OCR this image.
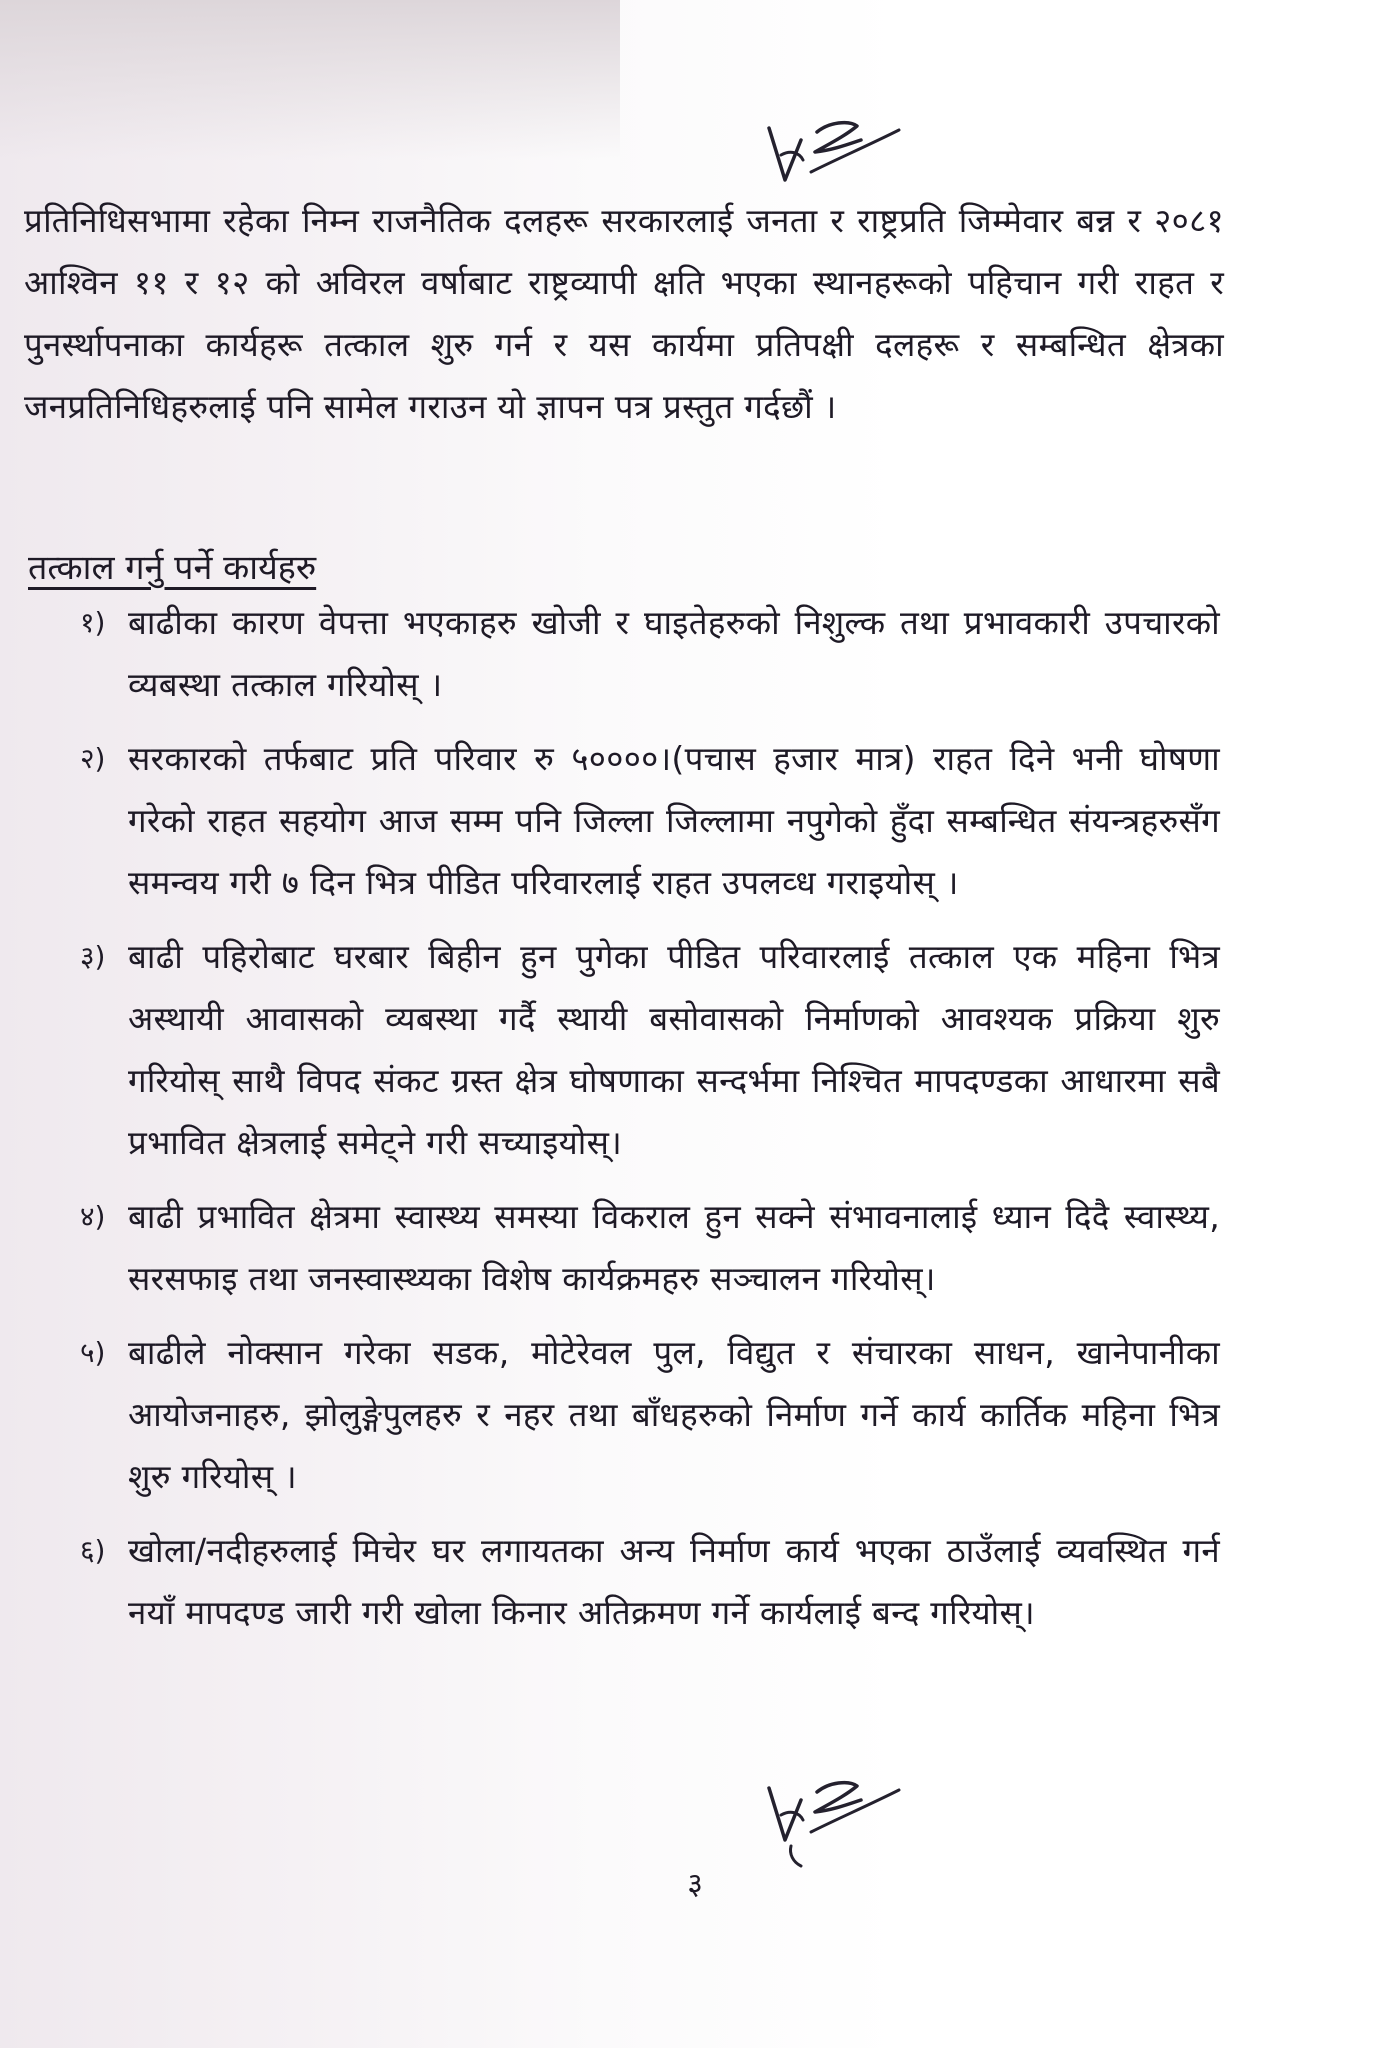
प्रतिनिधिसभामा रहेका निम्न राजनैतिक दलहरू सरकारलाई जनता र राष्ट्रप्रति जिम्मेवार बन्न र २०८१ आश्विन ११ र १२ को अविरल वर्षाबाट राष्ट्रव्यापी क्षति भएका स्थानहरूको पहिचान गरी राहत र पुनर्स्थापनाका कार्यहरू तत्काल शुरु गर्न र यस कार्यमा प्रतिपक्षी दलहरू र सम्बन्धित क्षेत्रका जनप्रतिनिधिहरुलाई पनि सामेल गराउन यो ज्ञापन पत्र प्रस्तुत गर्दछौं ।
तत्काल गर्नु पर्ने कार्यहरु
१) बाढीका कारण वेपत्ता भएकाहरु खोजी र घाइतेहरुको निशुल्क तथा प्रभावकारी उपचारको व्यबस्था तत्काल गरियोस् ।
२) सरकारको तर्फबाट प्रति परिवार रु ५००००।(पचास हजार मात्र) राहत दिने भनी घोषणा गरेको राहत सहयोग आज सम्म पनि जिल्ला जिल्लामा नपुगेको हुँदा सम्बन्धित संयन्त्रहरुसँग समन्वय गरी ७ दिन भित्र पीडित परिवारलाई राहत उपलव्ध गराइयोस् ।
३) बाढी पहिरोबाट घरबार बिहीन हुन पुगेका पीडित परिवारलाई तत्काल एक महिना भित्र अस्थायी आवासको व्यबस्था गर्दै स्थायी बसोवासको निर्माणको आवश्यक प्रक्रिया शुरु गरियोस् साथै विपद संकट ग्रस्त क्षेत्र घोषणाका सन्दर्भमा निश्चित मापदण्डका आधारमा सबै प्रभावित क्षेत्रलाई समेट्ने गरी सच्याइयोस्।
४) बाढी प्रभावित क्षेत्रमा स्वास्थ्य समस्या विकराल हुन सक्ने संभावनालाई ध्यान दिदै स्वास्थ्य, सरसफाइ तथा जनस्वास्थ्यका विशेष कार्यक्रमहरु सञ्चालन गरियोस्।
५) बाढीले नोक्सान गरेका सडक, मोटेरेवल पुल, विद्युत र संचारका साधन, खानेपानीका आयोजनाहरु, झोलुङ्गेपुलहरु र नहर तथा बाँधहरुको निर्माण गर्ने कार्य कार्तिक महिना भित्र शुरु गरियोस् ।
६) खोला/नदीहरुलाई मिचेर घर लगायतका अन्य निर्माण कार्य भएका ठाउँलाई व्यवस्थित गर्न नयाँ मापदण्ड जारी गरी खोला किनार अतिक्रमण गर्ने कार्यलाई बन्द गरियोस्।
३
